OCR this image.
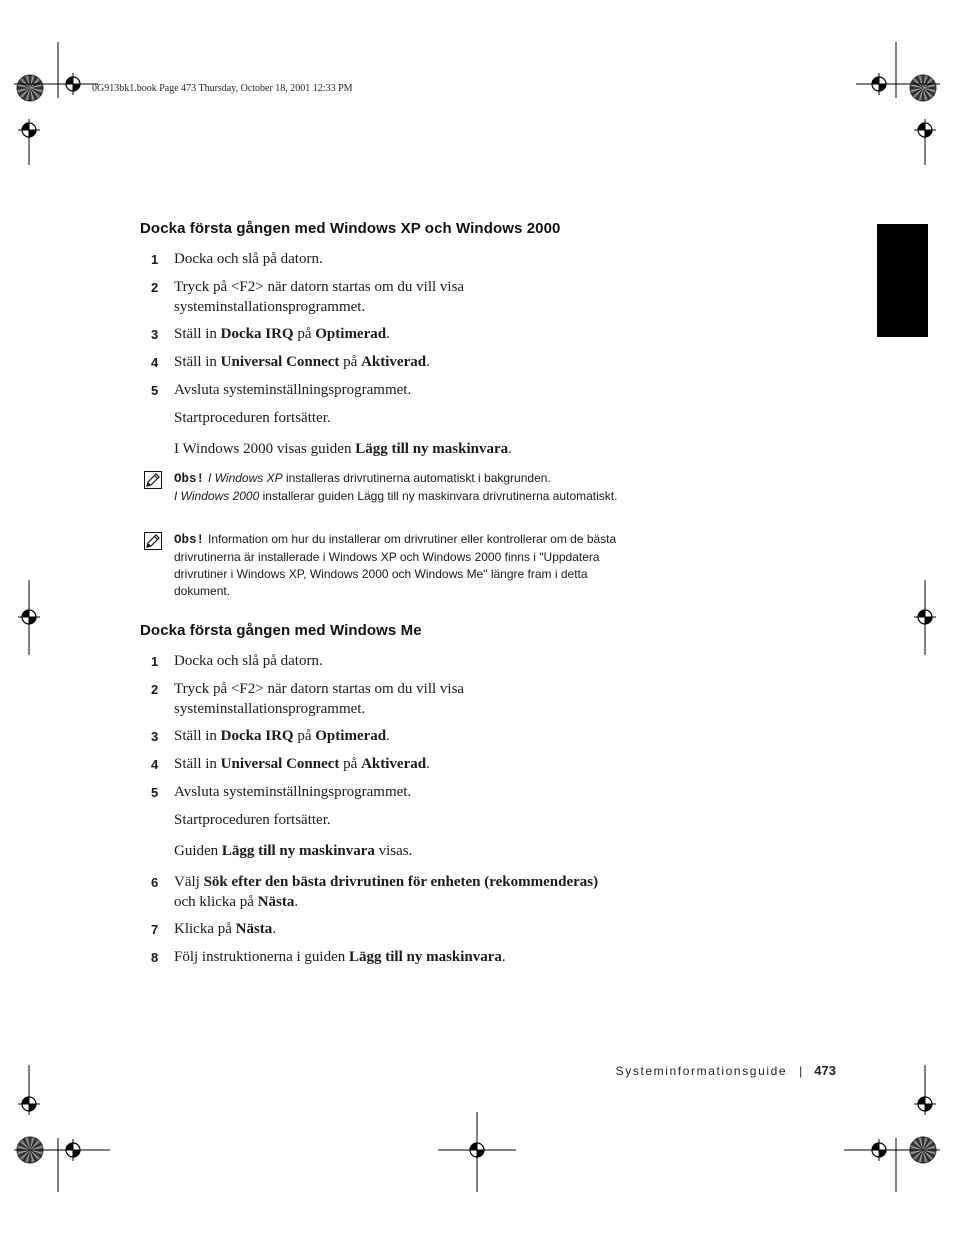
0G913bk1.book Page 473 Thursday, October 18, 2001 12:33 PM
Docka första gången med Windows XP och Windows 2000
1 Docka och slå på datorn.
2 Tryck på <F2> när datorn startas om du vill visa systeminstallationsprogrammet.
3 Ställ in Docka IRQ på Optimerad.
4 Ställ in Universal Connect på Aktiverad.
5 Avsluta systeminställningsprogrammet.
Startproceduren fortsätter.
I Windows 2000 visas guiden Lägg till ny maskinvara.
Obs! I Windows XP installeras drivrutinerna automatiskt i bakgrunden.
I Windows 2000 installerar guiden Lägg till ny maskinvara drivrutinerna automatiskt.
Obs! Information om hur du installerar om drivrutiner eller kontrollerar om de bästa drivrutinerna är installerade i Windows XP och Windows 2000 finns i "Uppdatera drivrutiner i Windows XP, Windows 2000 och Windows Me" längre fram i detta dokument.
Docka första gången med Windows Me
1 Docka och slå på datorn.
2 Tryck på <F2> när datorn startas om du vill visa systeminstallationsprogrammet.
3 Ställ in Docka IRQ på Optimerad.
4 Ställ in Universal Connect på Aktiverad.
5 Avsluta systeminställningsprogrammet.
Startproceduren fortsätter.
Guiden Lägg till ny maskinvara visas.
6 Välj Sök efter den bästa drivrutinen för enheten (rekommenderas) och klicka på Nästa.
7 Klicka på Nästa.
8 Följ instruktionerna i guiden Lägg till ny maskinvara.
Systeminformationsguide | 473
